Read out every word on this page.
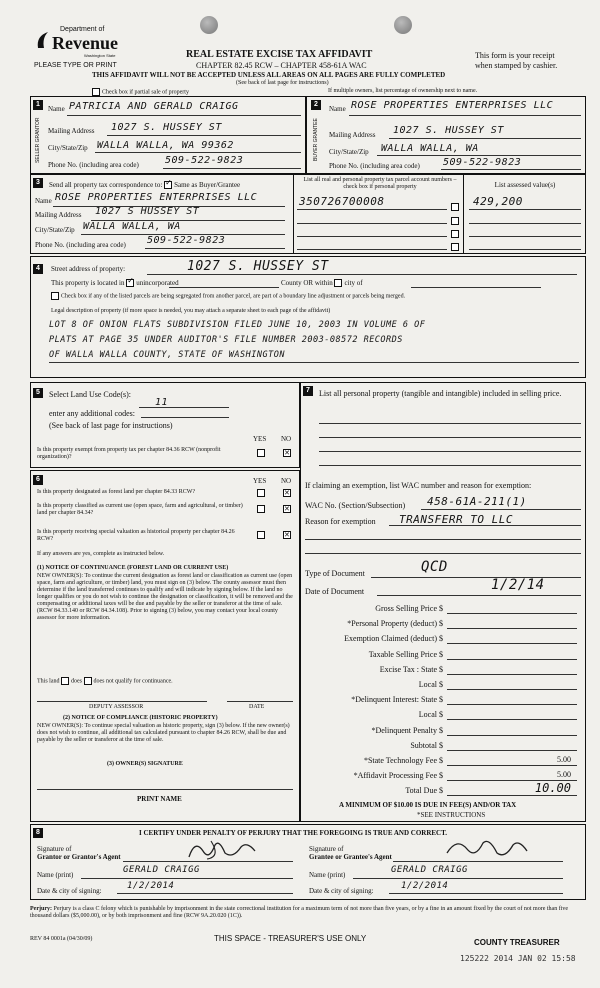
Department of
Revenue
Washington State
PLEASE TYPE OR PRINT
REAL ESTATE EXCISE TAX AFFIDAVIT
CHAPTER 82.45 RCW – CHAPTER 458-61A WAC
This form is your receipt
when stamped by cashier.
THIS AFFIDAVIT WILL NOT BE ACCEPTED UNLESS ALL AREAS ON ALL PAGES ARE FULLY COMPLETED
(See back of last page for instructions)
Check box if partial sale of property	If multiple owners, list percentage of ownership next to name.
1
SELLER GRANTOR
Name PATRICIA AND GERALD CRAIGG
Mailing Address 1027 S. HUSSEY ST
City/State/Zip WALLA WALLA, WA 99362
Phone No. (including area code)	509-522-9823
2
BUYER GRANTEE
Name ROSE PROPERTIES ENTERPRISES LLC
Mailing Address 1027 S. HUSSEY ST
City/State/Zip WALLA WALLA, WA
Phone No. (including area code) 509-522-9823
3	Send all property tax correspondence to: ✓ Same as Buyer/Grantee
Name ROSE PROPERTIES ENTERPRISES LLC
Mailing Address 1027 S HUSSEY ST
City/State/Zip WALLA WALLA, WA
Phone No. (including area code) 509-522-9823
List all real and personal property tax parcel account numbers – check box if personal property	List assessed value(s)
350726700008	429,200
4	Street address of property:	1027 S. HUSSEY ST
This property is located in ✓ unincorporated	County OR within city of
Check box if any of the listed parcels are being segregated from another parcel, are part of a boundary line adjustment or parcels being merged.
Legal description of property (if more space is needed, you may attach a separate sheet to each page of the affidavit)
LOT 8 OF ONION FLATS SUBDIVISION FILED JUNE 10, 2003 IN VOLUME 6 OF
PLATS AT PAGE 35 UNDER AUDITOR'S FILE NUMBER 2003-08572 RECORDS
OF WALLA WALLA COUNTY, STATE OF WASHINGTON
5	Select Land Use Code(s):
11
enter any additional codes:
(See back of last page for instructions)
YES NO
Is this property exempt from property tax per chapter 84.36 RCW (nonprofit organization)?	✕
6	YES NO
Is this property designated as forest land per chapter 84.33 RCW?	✕
Is this property classified as current use (open space, farm and agricultural, or timber) land per chapter 84.34?	✕
Is this property receiving special valuation as historical property per chapter 84.26 RCW?	✕
If any answers are yes, complete as instructed below.
(1) NOTICE OF CONTINUANCE (FOREST LAND OR CURRENT USE)
NEW OWNER(S): To continue the current designation as forest land or classification as current use (open space, farm and agriculture, or timber) land, you must sign on (3) below. The county assessor must then determine if the land transferred continues to qualify and will indicate by signing below. If the land no longer qualifies or you do not wish to continue the designation or classification, it will be removed and the compensating or additional taxes will be due and payable by the seller or transferor at the time of sale. (RCW 84.33.140 or RCW 84.34.108). Prior to signing (3) below, you may contact your local county assessor for more information.
This land does does not qualify for continuance.
DEPUTY ASSESSOR	DATE
(2) NOTICE OF COMPLIANCE (HISTORIC PROPERTY)
NEW OWNER(S): To continue special valuation as historic property, sign (3) below. If the new owner(s) does not wish to continue, all additional tax calculated pursuant to chapter 84.26 RCW, shall be due and payable by the seller or transferor at the time of sale.
(3) OWNER(S) SIGNATURE
PRINT NAME
7	List all personal property (tangible and intangible) included in selling price.
If claiming an exemption, list WAC number and reason for exemption:
WAC No. (Section/Subsection) 458-61A-211(1)
Reason for exemption TRANSFERR TO LLC
Type of Document	QCD
Date of Document	1/2/14
Gross Selling Price $
*Personal Property (deduct) $
Exemption Claimed (deduct) $
Taxable Selling Price $
Excise Tax : State $
Local $
*Delinquent Interest: State $
Local $
*Delinquent Penalty $
Subtotal $
*State Technology Fee $	5.00
*Affidavit Processing Fee $	5.00
Total Due $	10.00
A MINIMUM OF $10.00 IS DUE IN FEE(S) AND/OR TAX
*SEE INSTRUCTIONS
8	I CERTIFY UNDER PENALTY OF PERJURY THAT THE FOREGOING IS TRUE AND CORRECT.
Signature of
Grantor or Grantor's Agent
Name (print)	GERALD CRAIGG
Date & city of signing:	1/2/2014
Signature of
Grantee or Grantee's Agent
Name (print)	GERALD CRAIGG
Date & city of signing:	1/2/2014
Perjury: Perjury is a class C felony which is punishable by imprisonment in the state correctional institution for a maximum term of not more than five years, or by a fine in an amount fixed by the court of not more than five thousand dollars ($5,000.00), or by both imprisonment and fine (RCW 9A.20.020 (1C)).
REV 84 0001a (04/30/09)	THIS SPACE - TREASURER'S USE ONLY	COUNTY TREASURER
125222 2014 JAN 02 15:58
